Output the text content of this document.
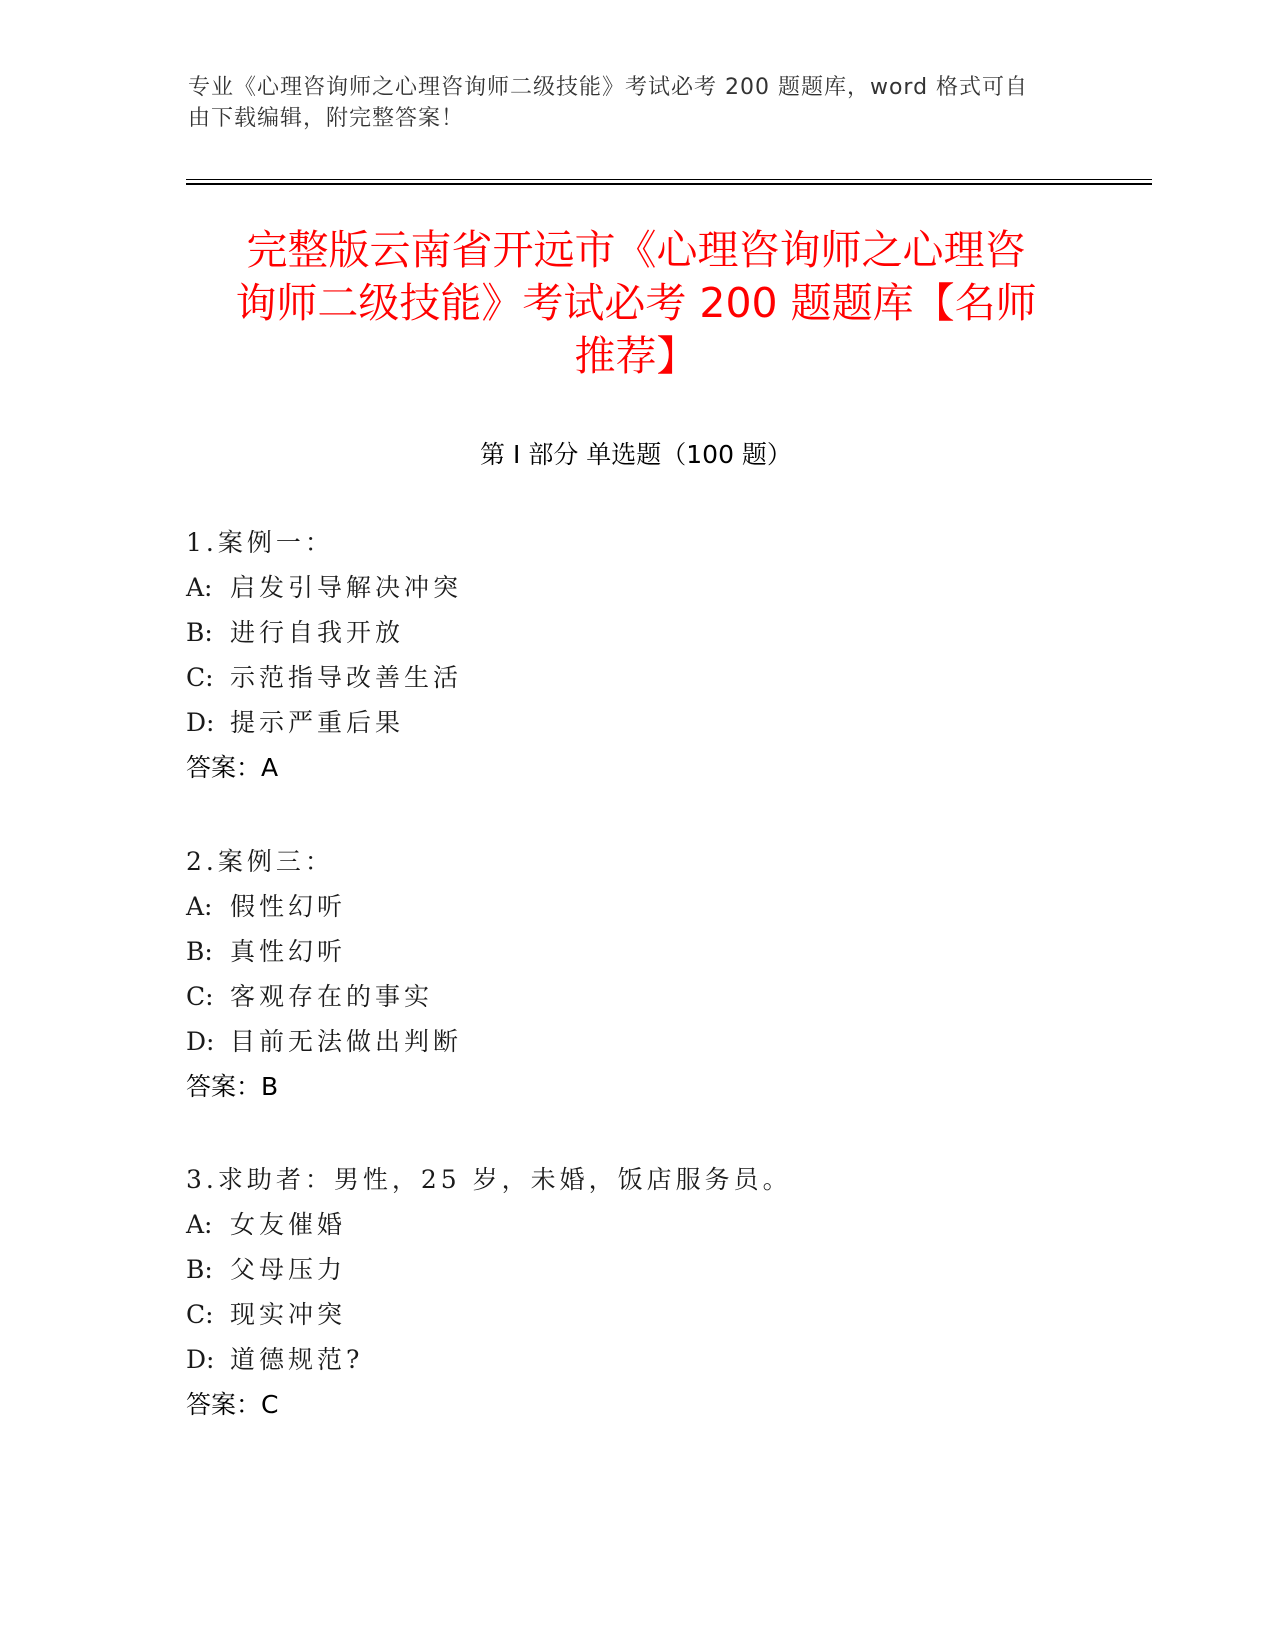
专业《心理咨询师之心理咨询师二级技能》考试必考 200 题题库，word 格式可自
由下载编辑，附完整答案！
完整版云南省开远市《心理咨询师之心理咨
询师二级技能》考试必考 200 题题库【名师
推荐】
第 I 部分 单选题（100 题）
1.案例一：
A: 启发引导解决冲突
B: 进行自我开放
C: 示范指导改善生活
D: 提示严重后果
答案：A
2.案例三：
A: 假性幻听
B: 真性幻听
C: 客观存在的事实
D: 目前无法做出判断
答案：B
3.求助者：男性，25 岁，未婚，饭店服务员。
A: 女友催婚
B: 父母压力
C: 现实冲突
D: 道德规范?
答案：C
